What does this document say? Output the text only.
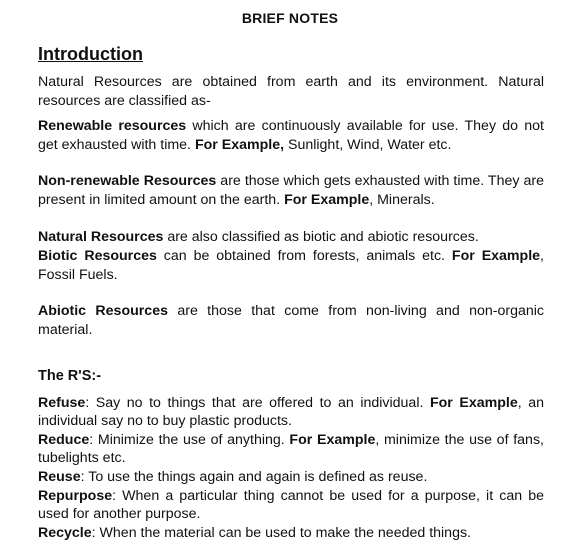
BRIEF NOTES
Introduction

Natural Resources are obtained from earth and its environment. Natural resources are classified as-

Renewable resources which are continuously available for use. They do not get exhausted with time. For Example, Sunlight, Wind, Water etc.

Non-renewable Resources are those which gets exhausted with time. They are present in limited amount on the earth. For Example, Minerals.

Natural Resources are also classified as biotic and abiotic resources.

Biotic Resources can be obtained from forests, animals etc. For Example, Fossil Fuels.

Abiotic Resources are those that come from non-living and non-organic material.

The R'S:-

Refuse: Say no to things that are offered to an individual. For Example, an individual say no to buy plastic products.

Reduce: Minimize the use of anything. For Example, minimize the use of fans, tubelights etc.

Reuse: To use the things again and again is defined as reuse.

Repurpose: When a particular thing cannot be used for a purpose, it can be used for another purpose.

Recycle: When the material can be used to make the needed things.
